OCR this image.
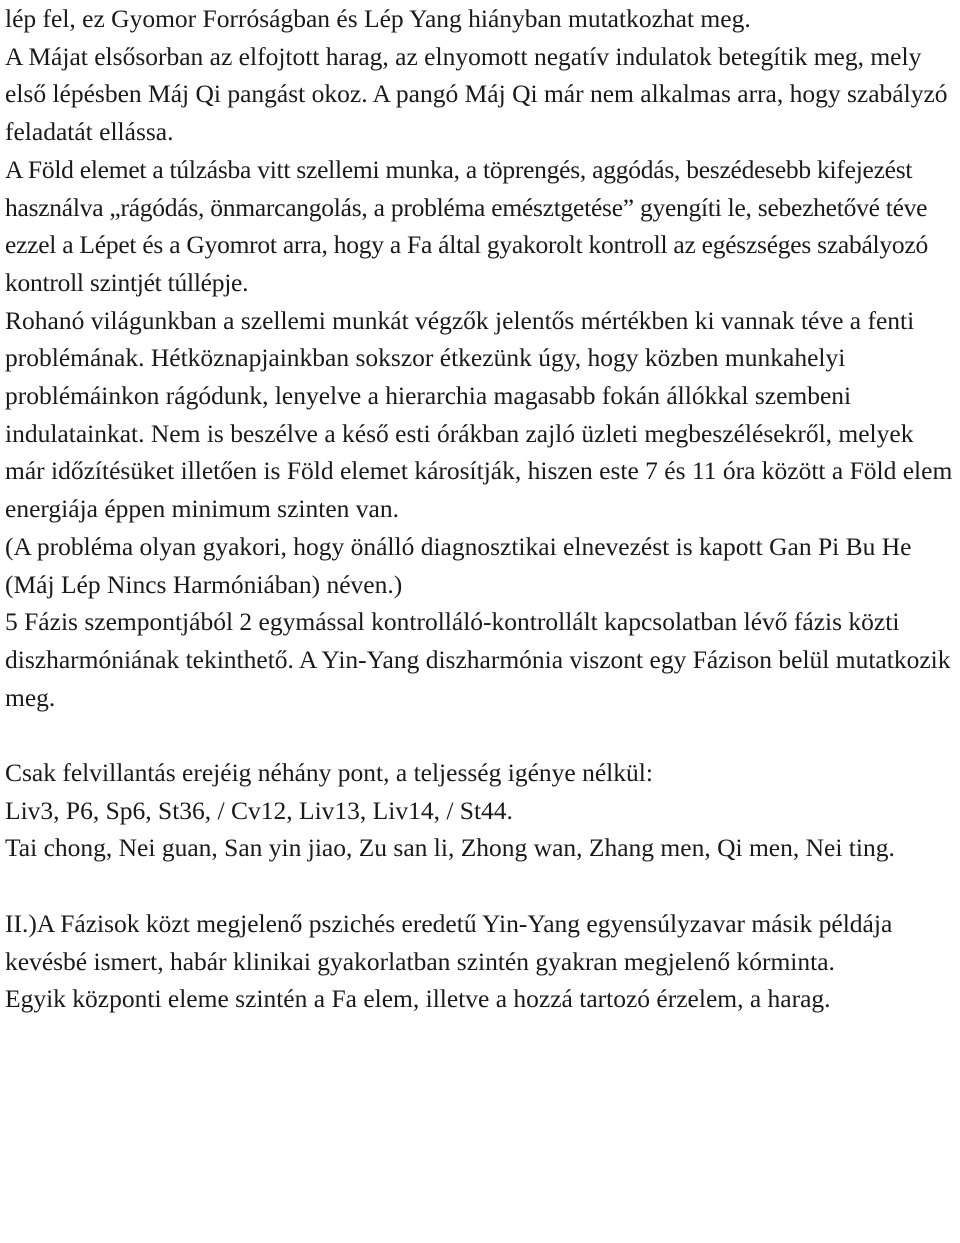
lép fel, ez Gyomor Forróságban és Lép Yang hiányban mutatkozhat meg.

A Májat elsősorban az elfojtott harag, az elnyomott negatív indulatok betegítik meg, mely első lépésben Máj Qi pangást okoz. A pangó Máj Qi már nem alkalmas arra, hogy szabályzó feladatát ellássa.

A Föld elemet a túlzásba vitt szellemi munka, a töprengés, aggódás, beszédesebb kifejezést használva „rágódás, önmarcangolás, a probléma emésztgetése” gyengíti le, sebezhetővé téve ezzel a Lépet és a Gyomrot arra, hogy a Fa által gyakorolt kontroll az egészséges szabályozó kontroll szintjét túllépje.

Rohanó világunkban a szellemi munkát végzők jelentős mértékben ki vannak téve a fenti problémának. Hétköznapjainkban sokszor étkezünk úgy, hogy közben munkahelyi problémáinkon rágódunk, lenyelve a hierarchia magasabb fokán állókkal szembeni indulatainkat. Nem is beszélve a késő esti órákban zajló üzleti megbeszélésekről, melyek már időzítésüket illetően is Föld elemet károsítják, hiszen este 7 és 11 óra között a Föld elem energiája éppen minimum szinten van.

(A probléma olyan gyakori, hogy önálló diagnosztikai elnevezést is kapott Gan Pi Bu He (Máj Lép Nincs Harmóniában) néven.)

5 Fázis szempontjából 2 egymással kontrolláló-kontrollált kapcsolatban lévő fázis közti diszharmóniának tekinthető. A Yin-Yang diszharmónia viszont egy Fázison belül mutatkozik meg.

Csak felvillantás erejéig néhány pont, a teljesség igénye nélkül:

Liv3, P6, Sp6, St36, / Cv12, Liv13, Liv14, / St44.

Tai chong, Nei guan, San yin jiao, Zu san li, Zhong wan, Zhang men, Qi men, Nei ting.

II.)A Fázisok közt megjelenő pszichés eredetű Yin-Yang egyensúlyzavar másik példája kevésbé ismert, habár klinikai gyakorlatban szintén gyakran megjelenő kórminta.

Egyik központi eleme szintén a Fa elem, illetve a hozzá tartozó érzelem, a harag.
